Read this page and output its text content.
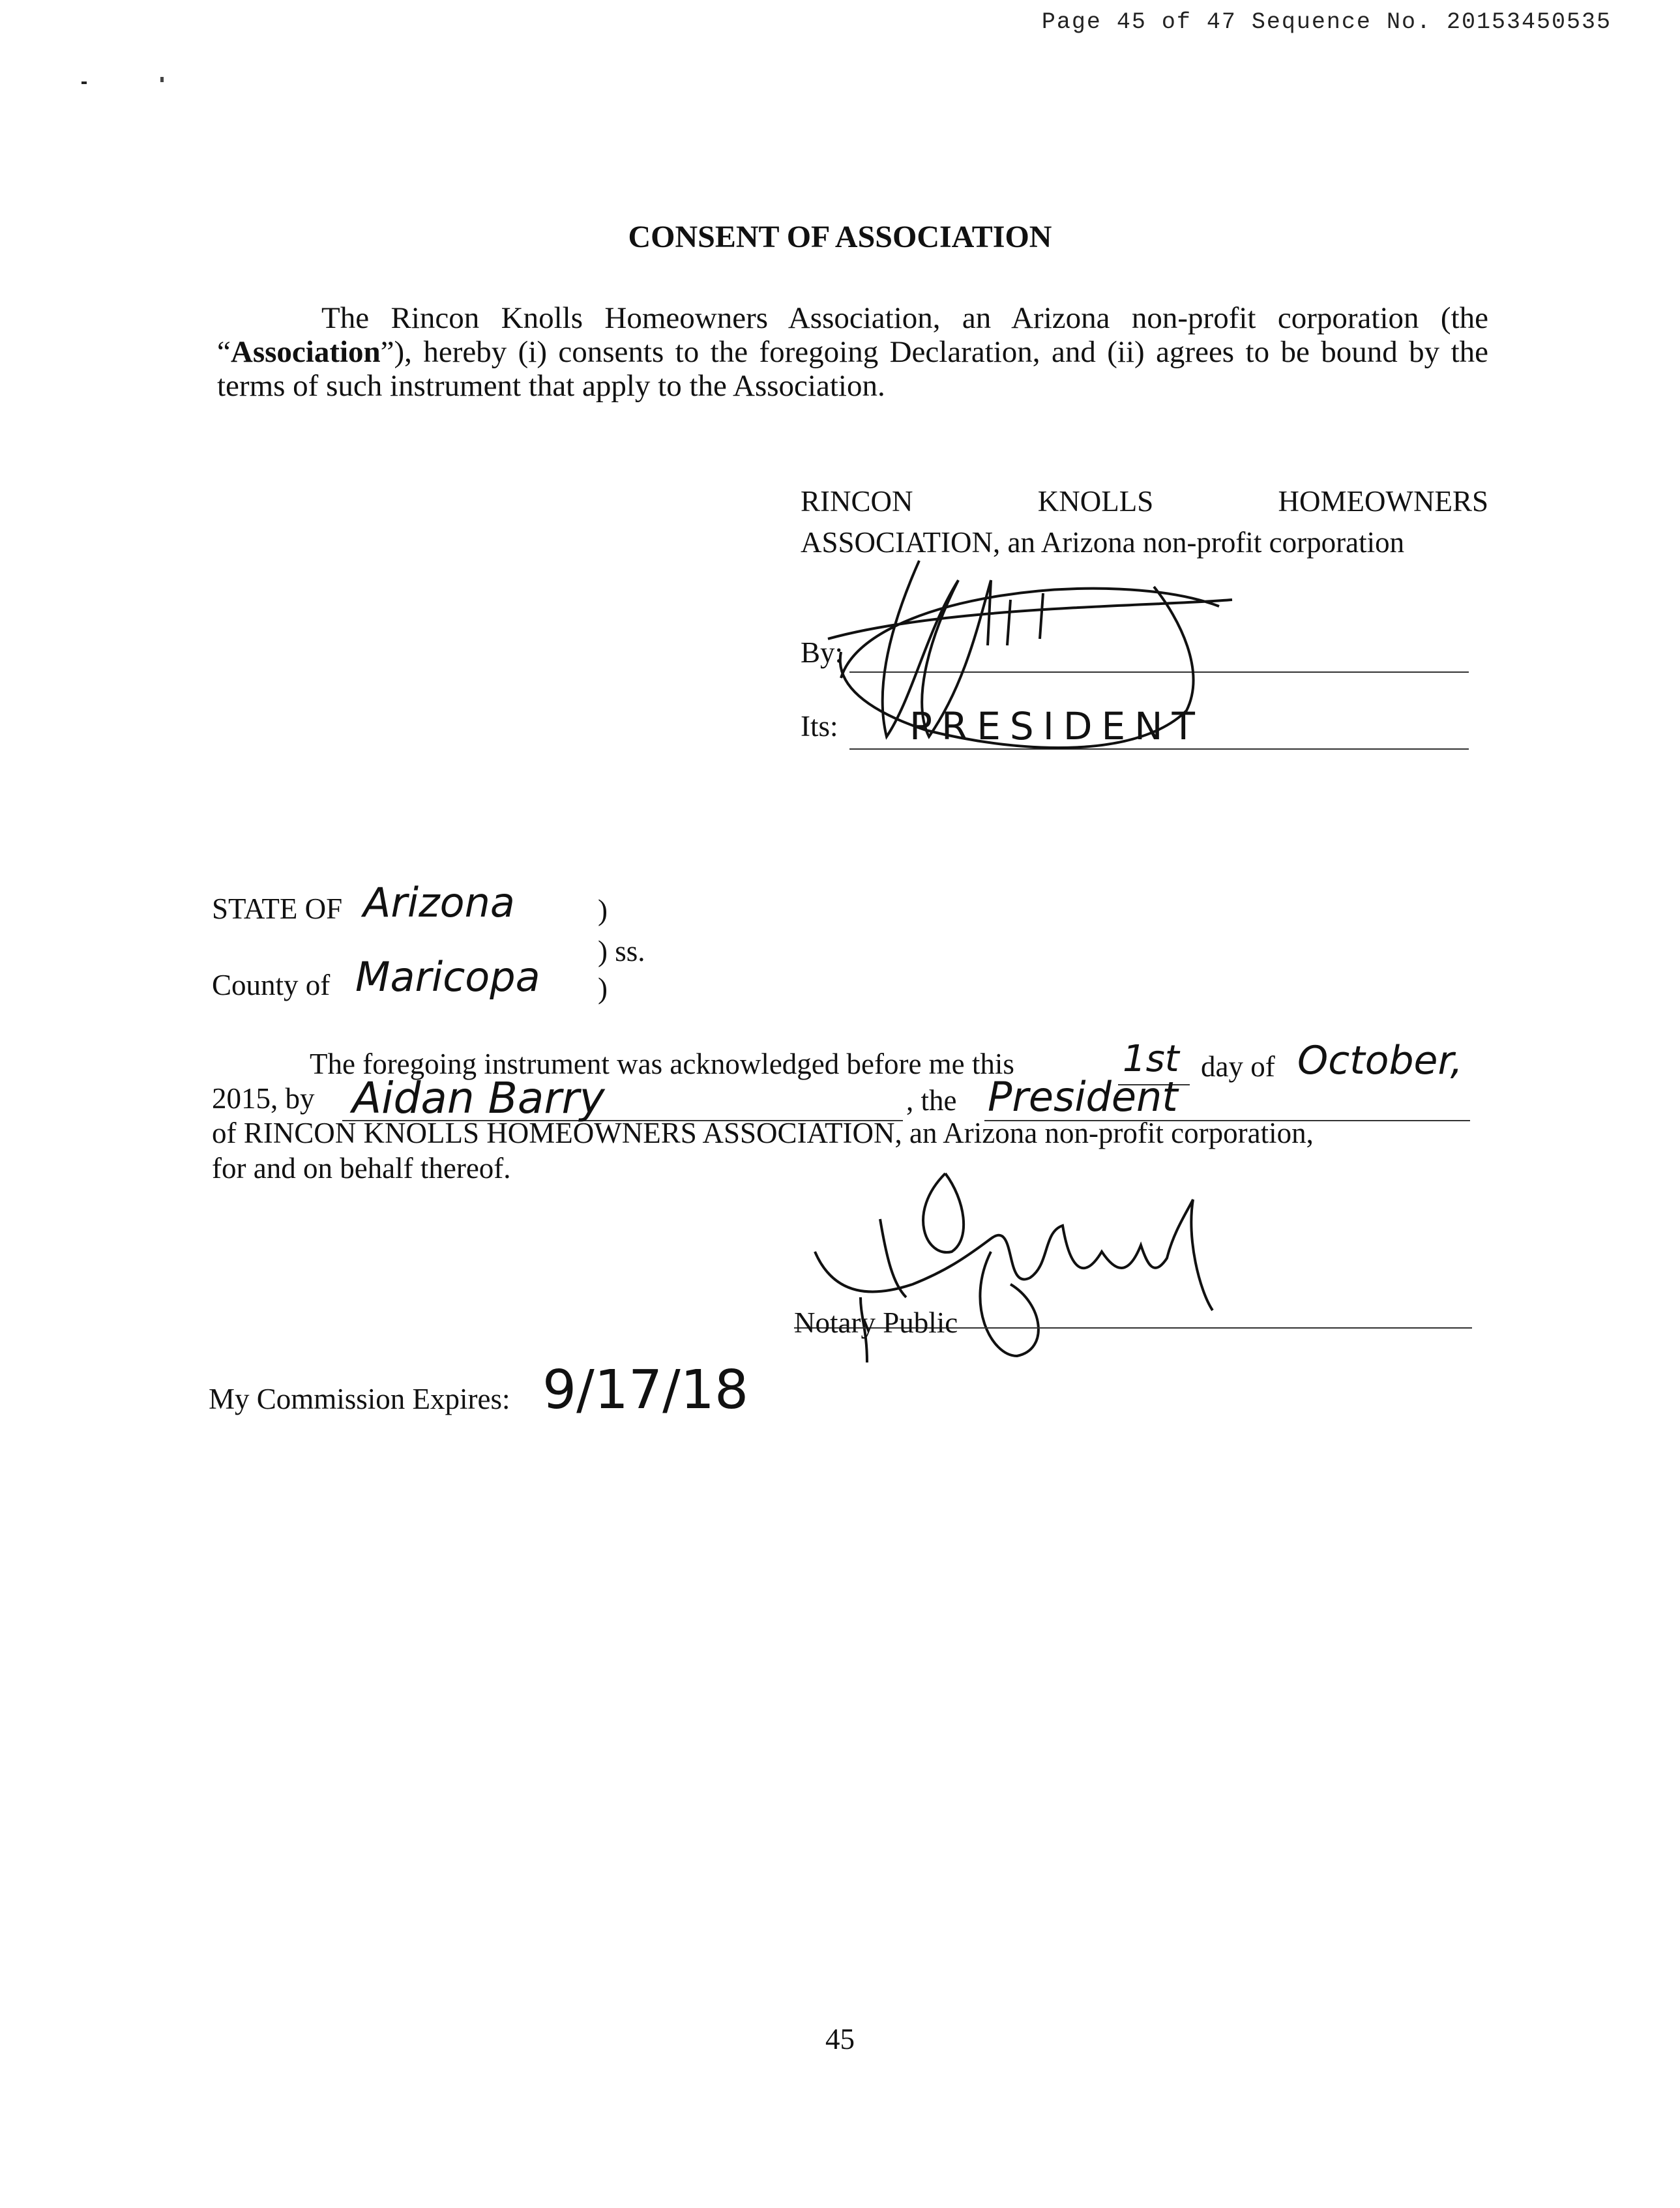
Page 45 of 47 Sequence No. 20153450535
CONSENT OF ASSOCIATION
The Rincon Knolls Homeowners Association, an Arizona non-profit corporation (the “Association”), hereby (i) consents to the foregoing Declaration, and (ii) agrees to be bound by the terms of such instrument that apply to the Association.
RINCON KNOLLS HOMEOWNERS
ASSOCIATION, an Arizona non-profit corporation
By:
Its: PRESIDENT
STATE OF Arizona	)
) ss.
County of Maricopa )
The foregoing instrument was acknowledged before me this	1st day of October,
2015, by Aidan Barry	, the President
of RINCON KNOLLS HOMEOWNERS ASSOCIATION, an Arizona non-profit corporation,
for and on behalf thereof.
Notary Public
My Commission Expires: 9/17/18
45
